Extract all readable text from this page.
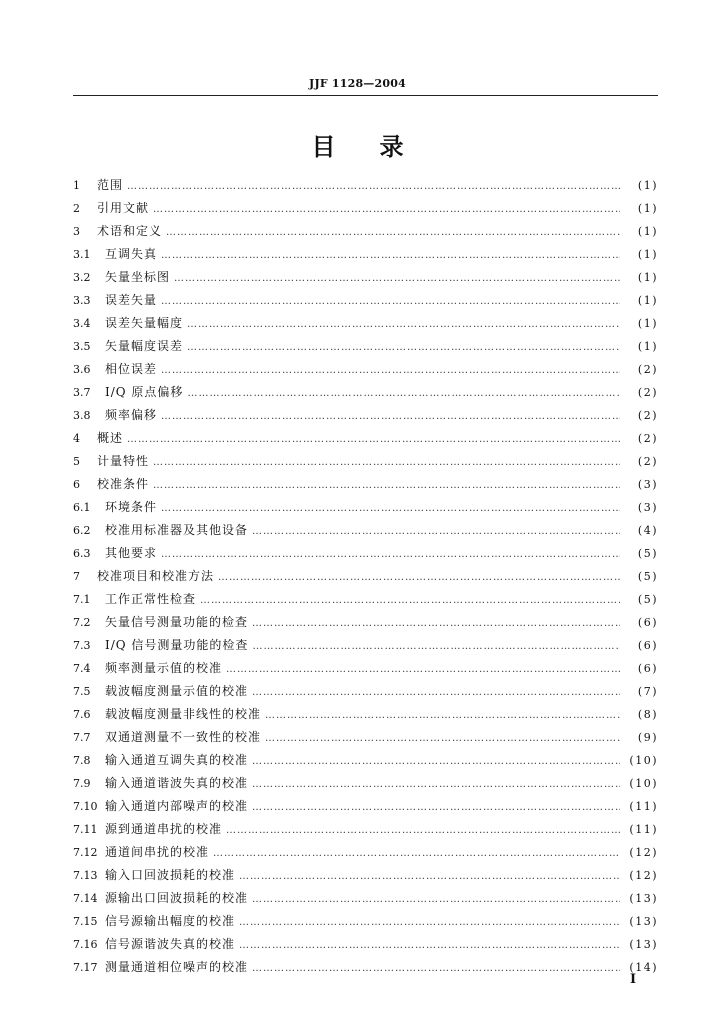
JJF 1128—2004
目录
1	范围 …………………………………………………………………………………………………………………………………………………………………………………………	(1)
2	引用文献 …………………………………………………………………………………………………………………………………………………………………………………………	(1)
3	术语和定义 …………………………………………………………………………………………………………………………………………………………………………………………	(1)
3.1	互调失真 …………………………………………………………………………………………………………………………………………………………………………………………	(1)
3.2	矢量坐标图 …………………………………………………………………………………………………………………………………………………………………………………………	(1)
3.3	误差矢量 …………………………………………………………………………………………………………………………………………………………………………………………	(1)
3.4	误差矢量幅度 …………………………………………………………………………………………………………………………………………………………………………………………	(1)
3.5	矢量幅度误差 …………………………………………………………………………………………………………………………………………………………………………………………	(1)
3.6	相位误差 …………………………………………………………………………………………………………………………………………………………………………………………	(2)
3.7	I/Q 原点偏移 …………………………………………………………………………………………………………………………………………………………………………………………	(2)
3.8	频率偏移 …………………………………………………………………………………………………………………………………………………………………………………………	(2)
4	概述 …………………………………………………………………………………………………………………………………………………………………………………………	(2)
5	计量特性 …………………………………………………………………………………………………………………………………………………………………………………………	(2)
6	校准条件 …………………………………………………………………………………………………………………………………………………………………………………………	(3)
6.1	环境条件 …………………………………………………………………………………………………………………………………………………………………………………………	(3)
6.2	校准用标准器及其他设备 …………………………………………………………………………………………………………………………………………………………………………………………	(4)
6.3	其他要求 …………………………………………………………………………………………………………………………………………………………………………………………	(5)
7	校准项目和校准方法 …………………………………………………………………………………………………………………………………………………………………………………………	(5)
7.1	工作正常性检查 …………………………………………………………………………………………………………………………………………………………………………………………	(5)
7.2	矢量信号测量功能的检查 …………………………………………………………………………………………………………………………………………………………………………………………	(6)
7.3	I/Q 信号测量功能的检查 …………………………………………………………………………………………………………………………………………………………………………………………	(6)
7.4	频率测量示值的校准 …………………………………………………………………………………………………………………………………………………………………………………………	(6)
7.5	载波幅度测量示值的校准 …………………………………………………………………………………………………………………………………………………………………………………………	(7)
7.6	载波幅度测量非线性的校准 …………………………………………………………………………………………………………………………………………………………………………………………	(8)
7.7	双通道测量不一致性的校准 …………………………………………………………………………………………………………………………………………………………………………………………	(9)
7.8	输入通道互调失真的校准 …………………………………………………………………………………………………………………………………………………………………………………………	(10)
7.9	输入通道谐波失真的校准 …………………………………………………………………………………………………………………………………………………………………………………………	(10)
7.10 输入通道内部噪声的校准 …………………………………………………………………………………………………………………………………………………………………………………………	(11)
7.11 源到通道串扰的校准 …………………………………………………………………………………………………………………………………………………………………………………………	(11)
7.12 通道间串扰的校准 …………………………………………………………………………………………………………………………………………………………………………………………	(12)
7.13 输入口回波损耗的校准 …………………………………………………………………………………………………………………………………………………………………………………………	(12)
7.14 源输出口回波损耗的校准 …………………………………………………………………………………………………………………………………………………………………………………………	(13)
7.15 信号源输出幅度的校准 …………………………………………………………………………………………………………………………………………………………………………………………	(13)
7.16 信号源谐波失真的校准 …………………………………………………………………………………………………………………………………………………………………………………………	(13)
7.17 测量通道相位噪声的校准 …………………………………………………………………………………………………………………………………………………………………………………………	(14)
I
